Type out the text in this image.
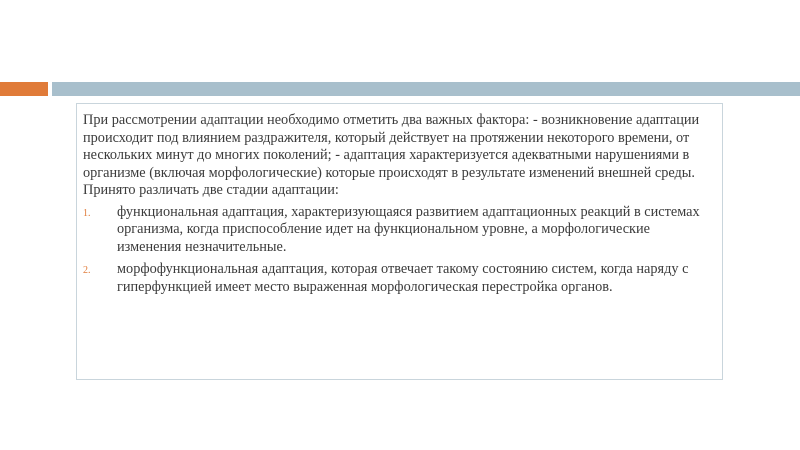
При рассмотрении адаптации необходимо отметить два важных фактора: - возникновение адаптации происходит под влиянием раздражителя, который действует на протяжении некоторого времени, от нескольких минут до многих поколений; - адаптация характеризуется адекватными нарушениями в организме (включая морфологические) которые происходят в результате изменений внешней среды. Принято различать две стадии адаптации:

1. функциональная адаптация, характеризующаяся развитием адаптационных реакций в системах организма, когда приспособление идет на функциональном уровне, а морфологические изменения незначительные.
2. морфофункциональная адаптация, которая отвечает такому состоянию систем, когда наряду с гиперфункцией имеет место выраженная морфологическая перестройка органов.
